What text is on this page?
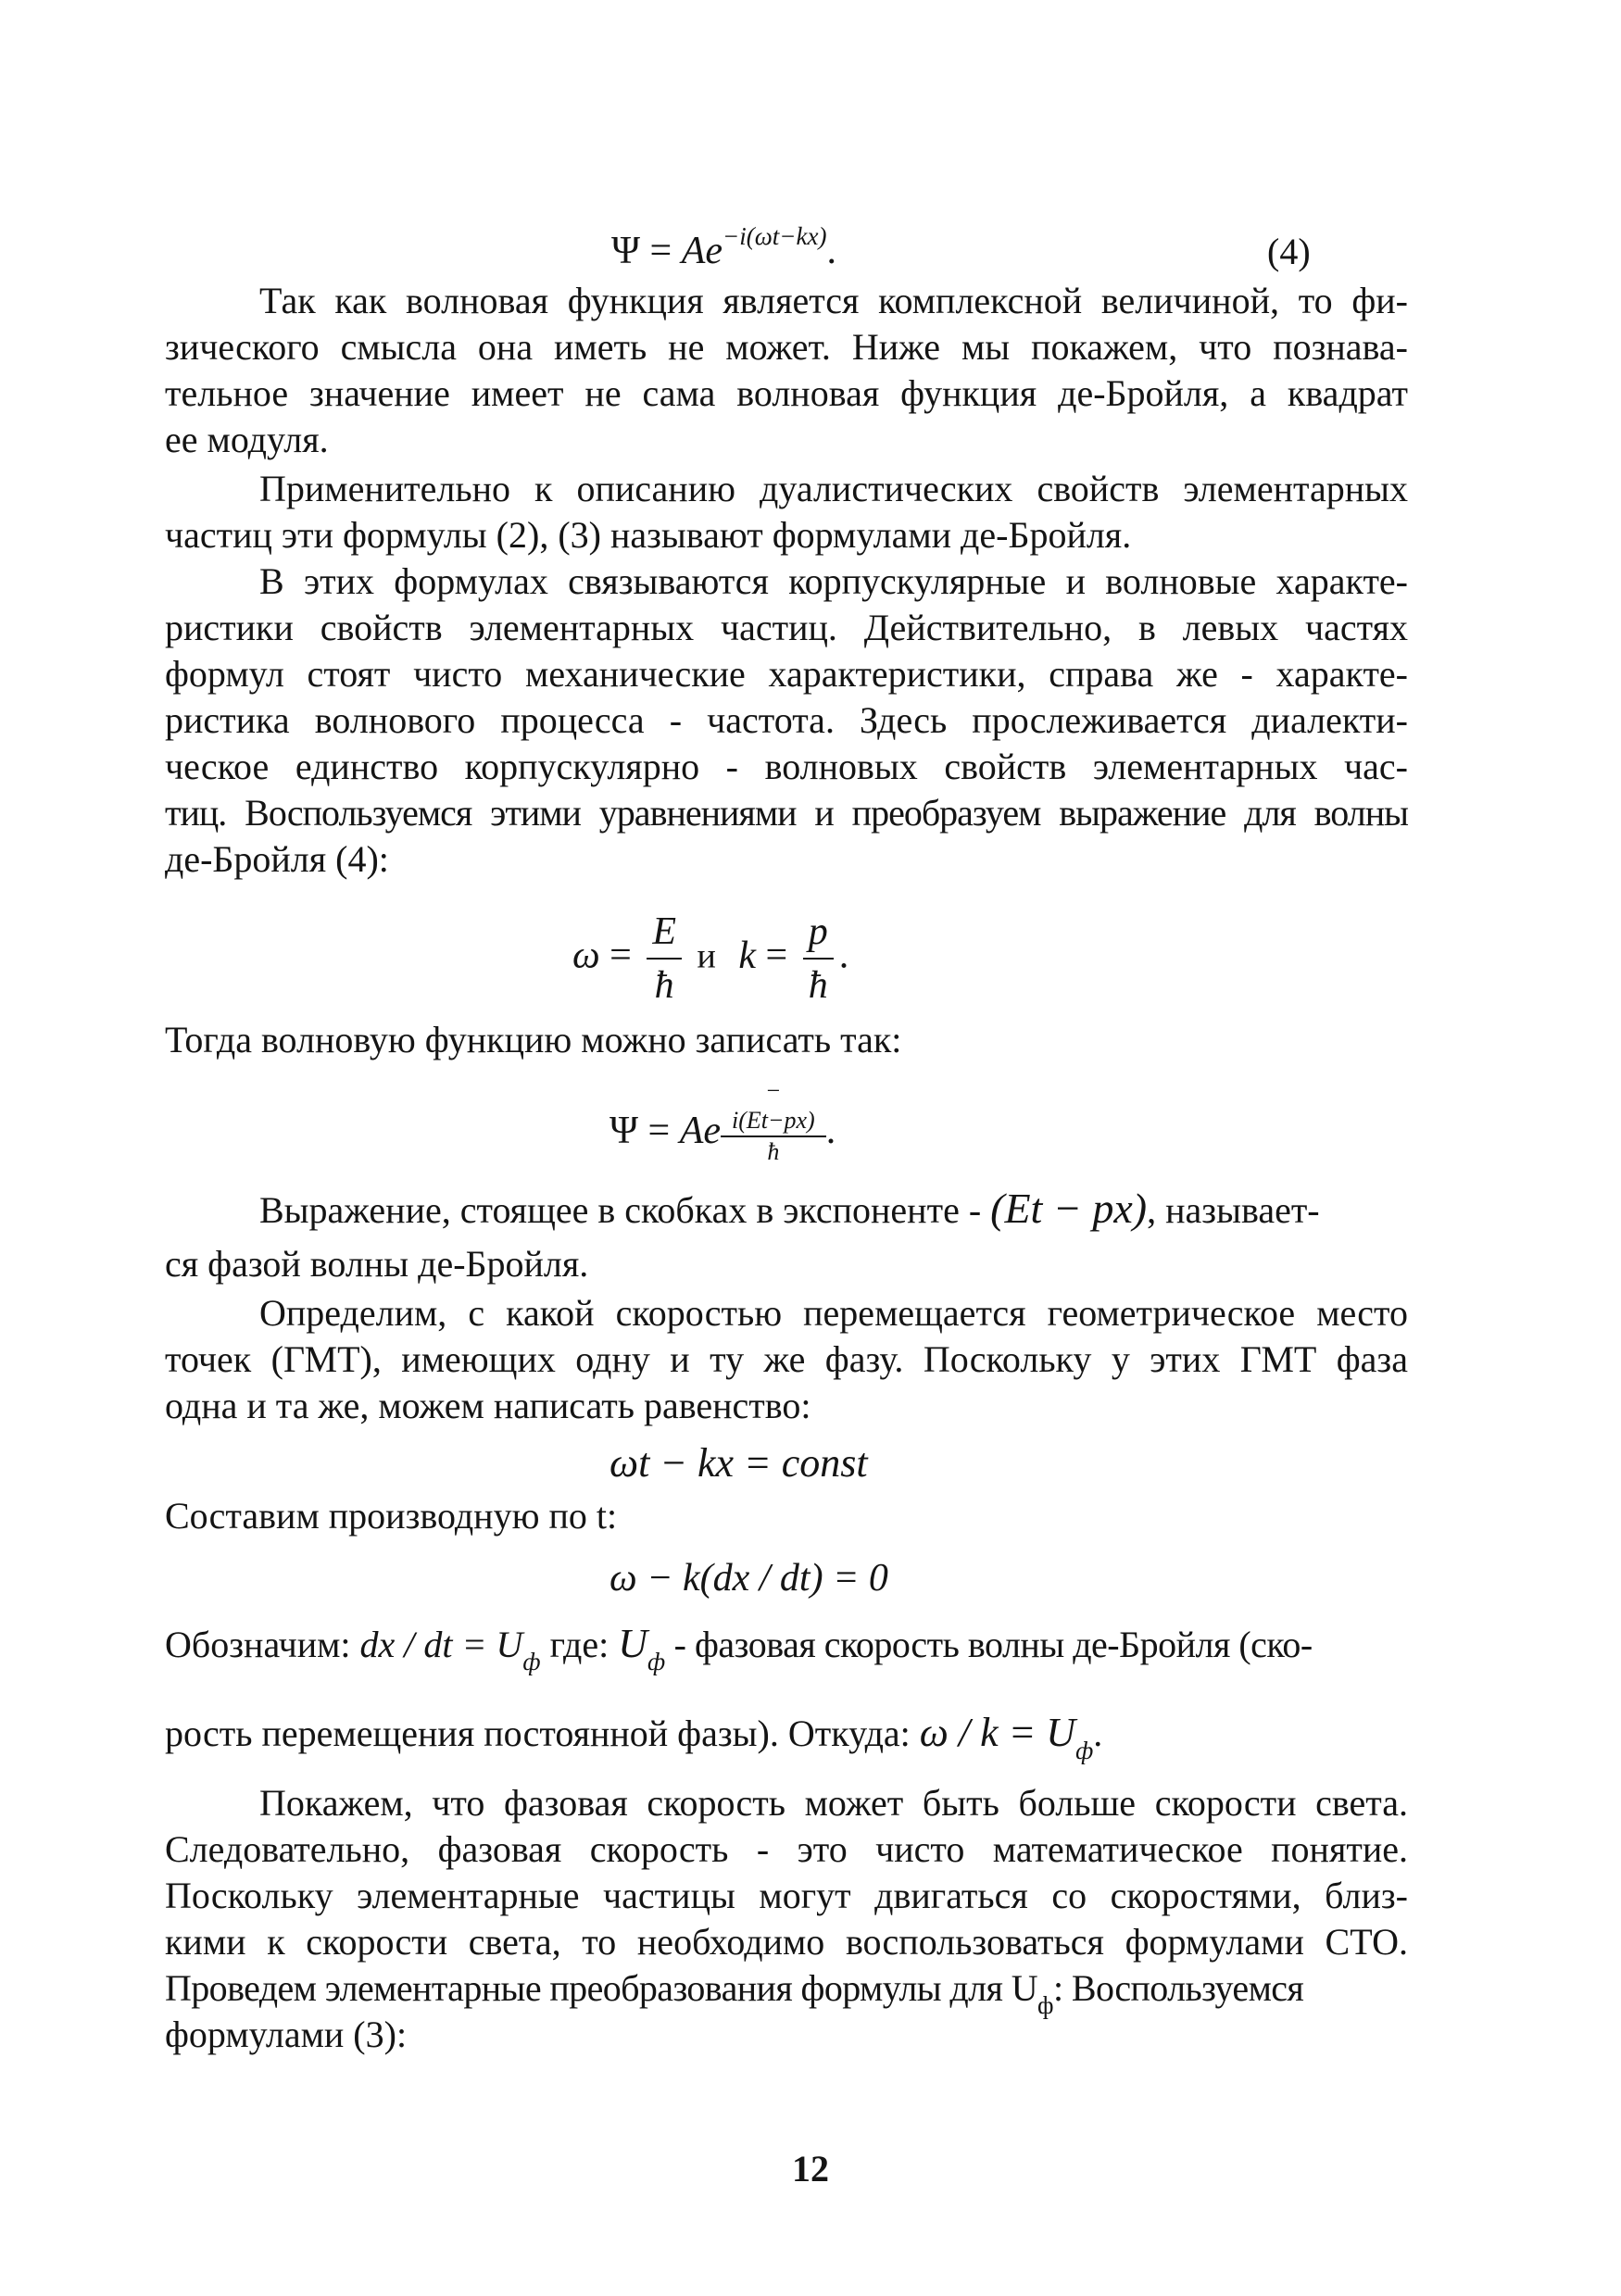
$\Psi = Ae^{-i(\omega t-kx)}$.	(4)
Так как волновая функция является комплексной величиной, то фи-
зического смысла она иметь не может. Ниже мы покажем, что познава-
тельное значение имеет не сама волновая функция де-Бройля, а квадрат
ее модуля.
Применительно к описанию дуалистических свойств элементарных
частиц эти формулы (2), (3) называют формулами де-Бройля.
В этих формулах связываются корпускулярные и волновые характе-
ристики свойств элементарных частиц. Действительно, в левых частях
формул стоят чисто механические характеристики, справа же - характе-
ристика волнового процесса - частота. Здесь прослеживается диалекти-
ческое единство корпускулярно - волновых свойств элементарных час-
тиц. Воспользуемся этими уравнениями и преобразуем выражение для волны
де-Бройля (4):
$\omega = \frac{E}{ħ}$ и $k = \frac{p}{ħ}$ .
Тогда волновую функцию можно записать так:
Ψ = Ae −
i(Et−px)
ħ .
Выражение, стоящее в скобках в экспоненте - (Et − px), называет-
ся фазой волны де-Бройля.
Определим, с какой скоростью перемещается геометрическое место
точек (ГМТ), имеющих одну и ту же фазу. Поскольку у этих ГМТ фаза
одна и та же, можем написать равенство:
ωt − kx = const
Составим производную по t:
ω − k(dx / dt) = 0
Обозначим: dx / dt = $U_ф$ где: $U_ф$ - фазовая скорость волны де-Бройля (ско-
рость перемещения постоянной фазы). Откуда: $\omega / k = U_ф$.
Покажем, что фазовая скорость может быть больше скорости света.
Следовательно, фазовая скорость - это чисто математическое понятие.
Поскольку элементарные частицы могут двигаться со скоростями, близ-
кими к скорости света, то необходимо воспользоваться формулами СТО.
Проведем элементарные преобразования формулы для $U_ф$: Воспользуемся
формулами (3):
12
